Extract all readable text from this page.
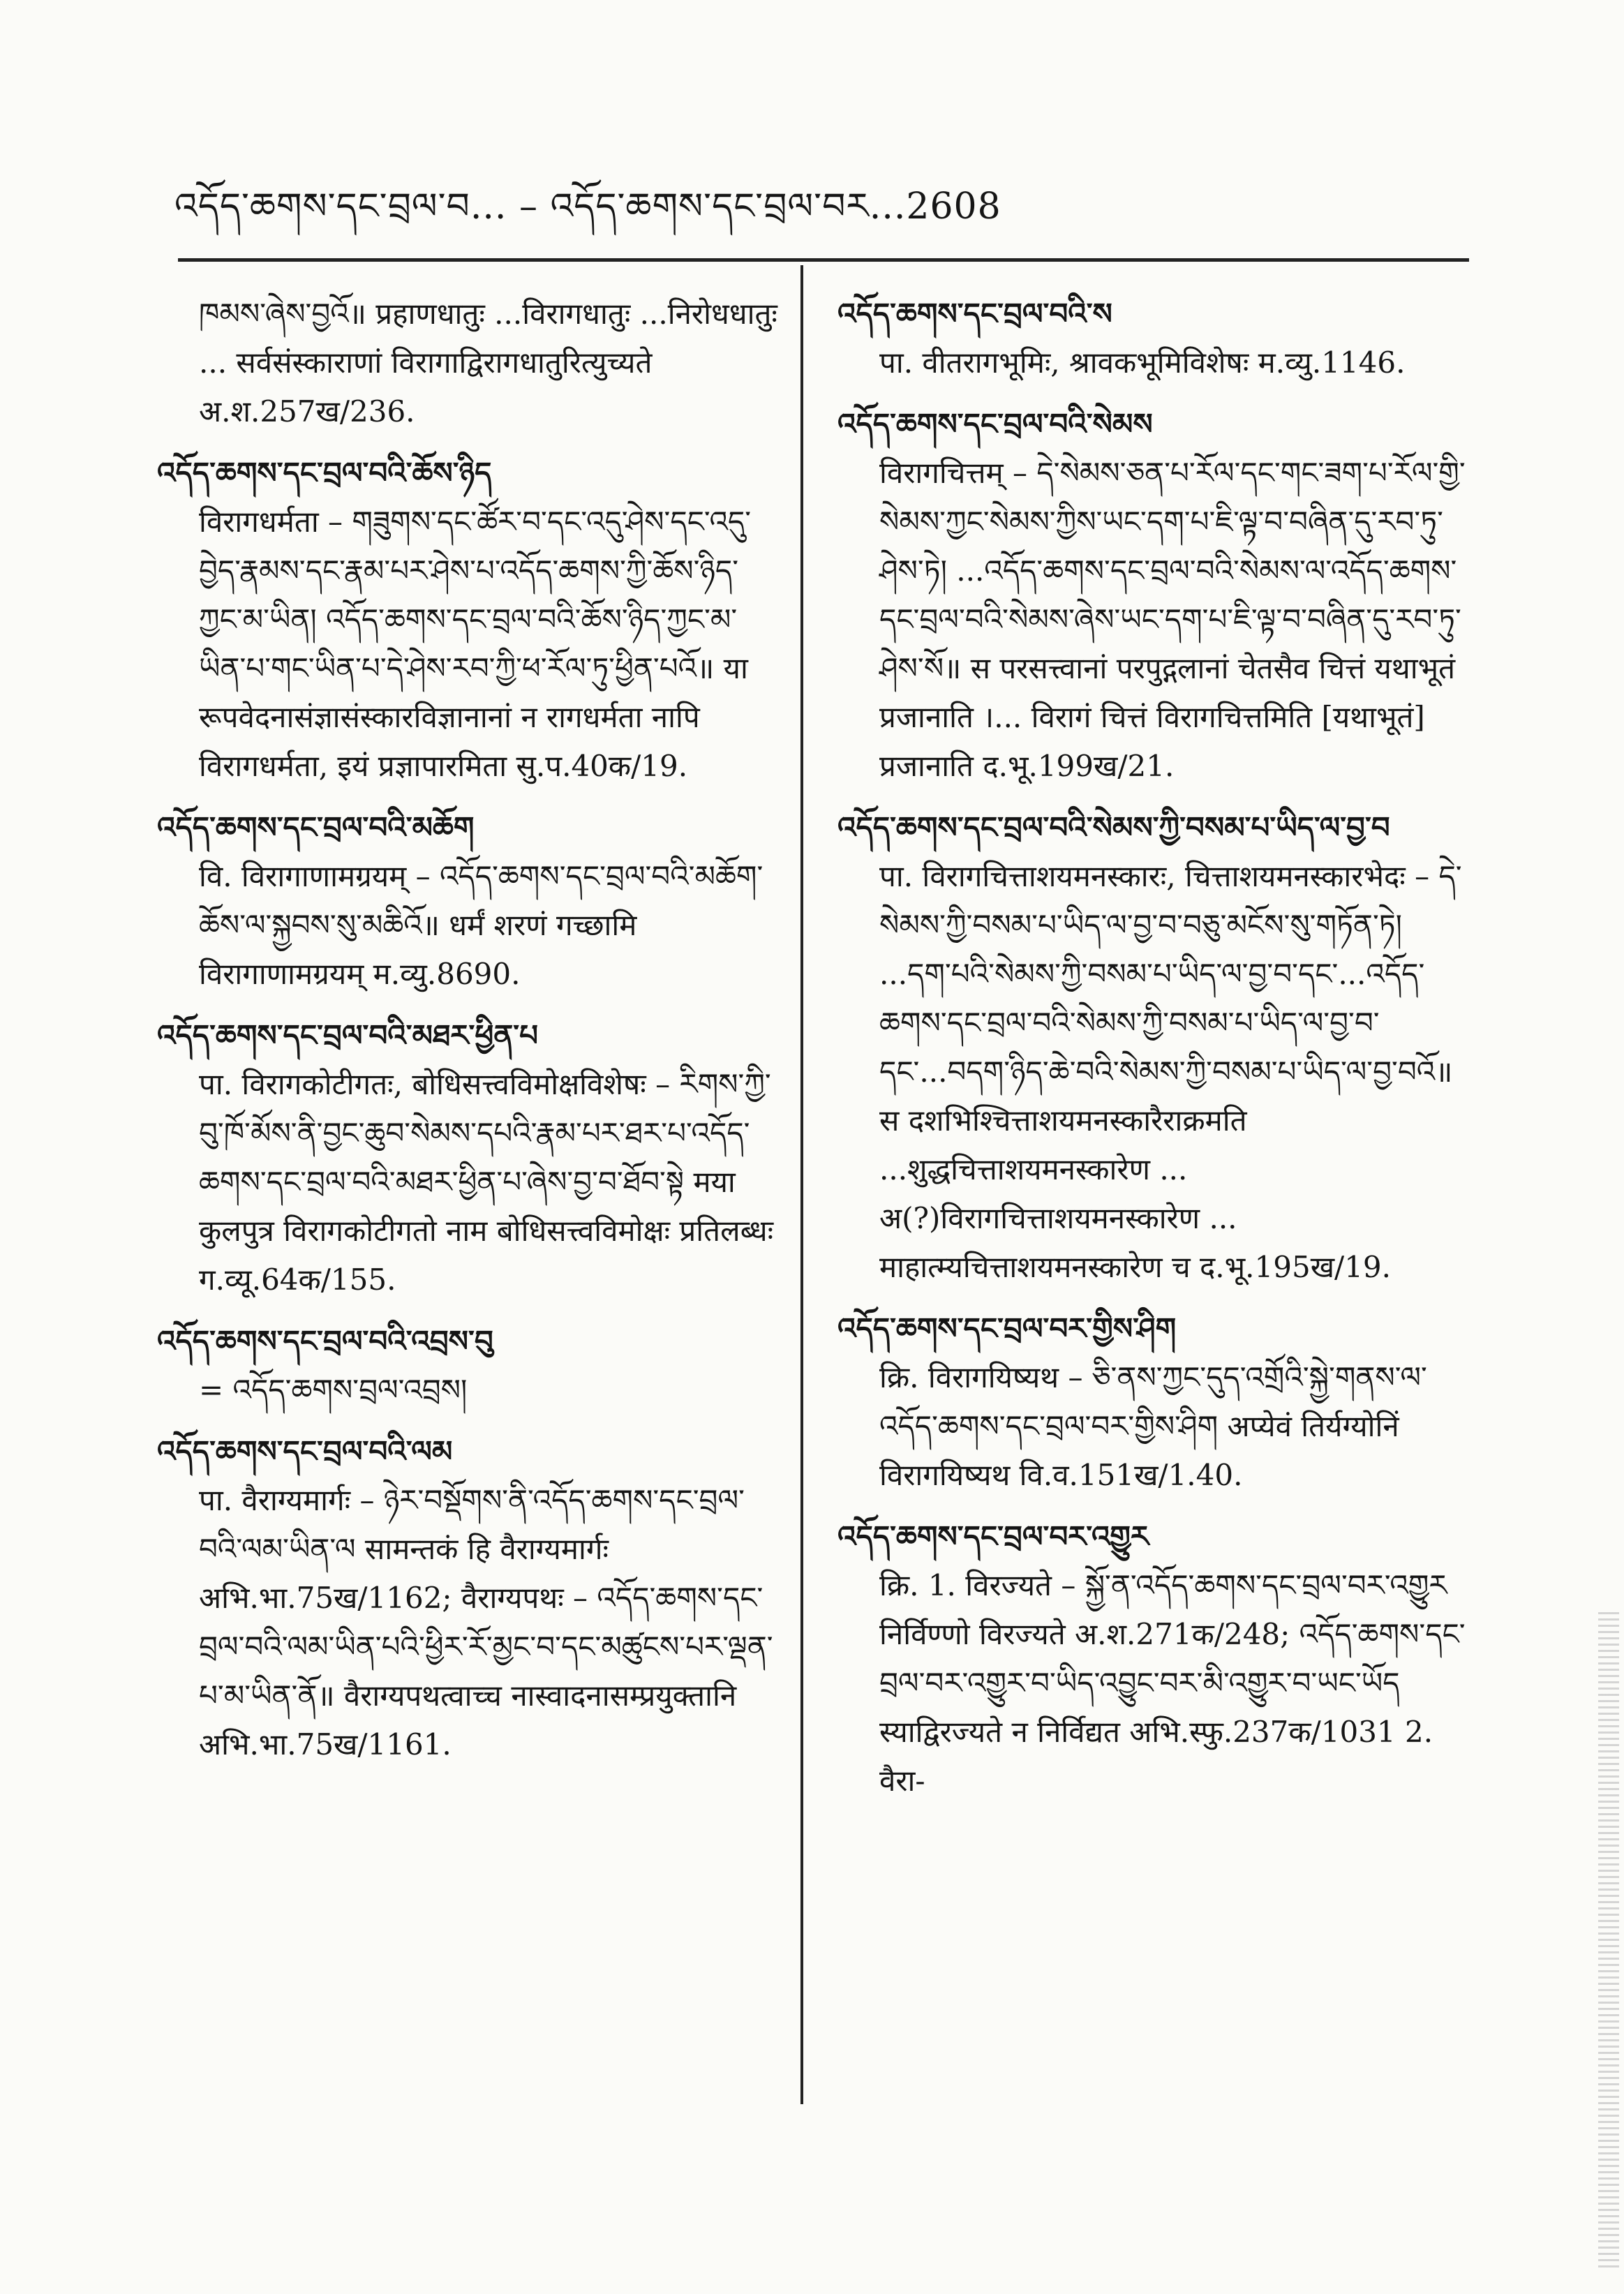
འདོད་ཆགས་དང་བྲལ་བ... – འདོད་ཆགས་དང་བྲལ་བར...2608

ཁམས་ཞེས་བྱའོ॥ प्रहाणधातुः ...विरागधातुः ...निरोधधातुः ... सर्वसंस्काराणां विरागाद्विरागधातुरित्युच्यते अ.श.257ख/236.

འདོད་ཆགས་དང་བྲལ་བའི་ཆོས་ཉིད
विरागधर्मता – གཟུགས་དང་ཚོར་བ་དང་འདུ་ཤེས་དང་འདུ་བྱེད་རྣམས་དང་རྣམ་པར་ཤེས་པ་འདོད་ཆགས་ཀྱི་ཆོས་ཉིད་ཀྱང་མ་ཡིན། འདོད་ཆགས་དང་བྲལ་བའི་ཆོས་ཉིད་ཀྱང་མ་ཡིན་པ་གང་ཡིན་པ་དེ་ཤེས་རབ་ཀྱི་ཕ་རོལ་ཏུ་ཕྱིན་པའོ॥ या रूपवेदनासंज्ञासंस्कारविज्ञानानां न रागधर्मता नापि विरागधर्मता, इयं प्रज्ञापारमिता सु.प.40क/19.
འདོད་ཆགས་དང་བྲལ་བའི་མཆོག
वि. विरागाणामग्रयम् – འདོད་ཆགས་དང་བྲལ་བའི་མཆོག་ཆོས་ལ་སྐྱབས་སུ་མཆིའོ॥ धर्मं शरणं गच्छामि विरागाणामग्रयम् म.व्यु.8690.
འདོད་ཆགས་དང་བྲལ་བའི་མཐར་ཕྱིན་པ
पा. विरागकोटीगतः, बोधिसत्त्वविमोक्षविशेषः – རིགས་ཀྱི་བུ་ཁོ་མོས་ནི་བྱང་ཆུབ་སེམས་དཔའི་རྣམ་པར་ཐར་པ་འདོད་ཆགས་དང་བྲལ་བའི་མཐར་ཕྱིན་པ་ཞེས་བྱ་བ་ཐོབ་སྟེ मया कुलपुत्र विरागकोटीगतो नाम बोधिसत्त्वविमोक्षः प्रतिलब्धः ग.व्यू.64क/155.
འདོད་ཆགས་དང་བྲལ་བའི་འབྲས་བུ
= འདོད་ཆགས་བྲལ་འབྲས།
འདོད་ཆགས་དང་བྲལ་བའི་ལམ
पा. वैराग्यमार्गः – ཉེར་བསྡོགས་ནི་འདོད་ཆགས་དང་བྲལ་བའི་ལམ་ཡིན་ལ सामन्तकं हि वैराग्यमार्गः अभि.भा.75ख/1162; वैराग्यपथः – འདོད་ཆགས་དང་བྲལ་བའི་ལམ་ཡིན་པའི་ཕྱིར་རོ་མྱང་བ་དང་མཚུངས་པར་ལྡན་པ་མ་ཡིན་ནོ॥ वैराग्यपथत्वाच्च नास्वादनासम्प्रयुक्तानि अभि.भा.75ख/1161.
འདོད་ཆགས་དང་བྲལ་བའི་ས
पा. वीतरागभूमिः, श्रावकभूमिविशेषः म.व्यु.1146.
འདོད་ཆགས་དང་བྲལ་བའི་སེམས
विरागचित्तम् – དེ་སེམས་ཅན་པ་རོལ་དང་གང་ཟག་པ་རོལ་གྱི་སེམས་ཀྱང་སེམས་ཀྱིས་ཡང་དག་པ་ཇི་ལྟ་བ་བཞིན་དུ་རབ་ཏུ་ཤེས་ཏེ། ...འདོད་ཆགས་དང་བྲལ་བའི་སེམས་ལ་འདོད་ཆགས་དང་བྲལ་བའི་སེམས་ཞེས་ཡང་དག་པ་ཇི་ལྟ་བ་བཞིན་དུ་རབ་ཏུ་ཤེས་སོ॥ स परसत्त्वानां परपुद्गलानां चेतसैव चित्तं यथाभूतं प्रजानाति ।... विरागं चित्तं विरागचित्तमिति [यथाभूतं] प्रजानाति द.भू.199ख/21.
འདོད་ཆགས་དང་བྲལ་བའི་སེམས་ཀྱི་བསམ་པ་ཡིད་ལ་བྱ་བ
पा. विरागचित्ताशयमनस्कारः, चित्ताशयमनस्कारभेदः – དེ་སེམས་ཀྱི་བསམ་པ་ཡིད་ལ་བྱ་བ་བཅུ་མངོས་སུ་གཏོན་ཏེ། ...དག་པའི་སེམས་ཀྱི་བསམ་པ་ཡིད་ལ་བྱ་བ་དང་...འདོད་ཆགས་དང་བྲལ་བའི་སེམས་ཀྱི་བསམ་པ་ཡིད་ལ་བྱ་བ་དང་...བདག་ཉིད་ཆེ་བའི་སེམས་ཀྱི་བསམ་པ་ཡིད་ལ་བྱ་བའོ॥ स दशभिश्चित्ताशयमनस्कारैराक्रमति ...शुद्धचित्ताशयमनस्कारेण ... अ(?)विरागचित्ताशयमनस्कारेण ... माहात्म्यचित्ताशयमनस्कारेण च द.भू.195ख/19.
འདོད་ཆགས་དང་བྲལ་བར་གྱིས་ཤིག
क्रि. विरागयिष्यथ – ཅི་ནས་ཀྱང་དུད་འགྲོའི་སྐྱེ་གནས་ལ་འདོད་ཆགས་དང་བྲལ་བར་གྱིས་ཤིག अप्येवं तिर्यग्योनिं विरागयिष्यथ वि.व.151ख/1.40.
འདོད་ཆགས་དང་བྲལ་བར་འགྱུར
क्रि. 1. विरज्यते – སྐྱོ་ན་འདོད་ཆགས་དང་བྲལ་བར་འགྱུར निर्विण्णो विरज्यते अ.श.271क/248; འདོད་ཆགས་དང་བྲལ་བར་འགྱུར་བ་ཡིད་འབྱུང་བར་མི་འགྱུར་བ་ཡང་ཡོད स्याद्विरज्यते न निर्विद्यत अभि.स्फु.237क/1031 2. वैरा-
